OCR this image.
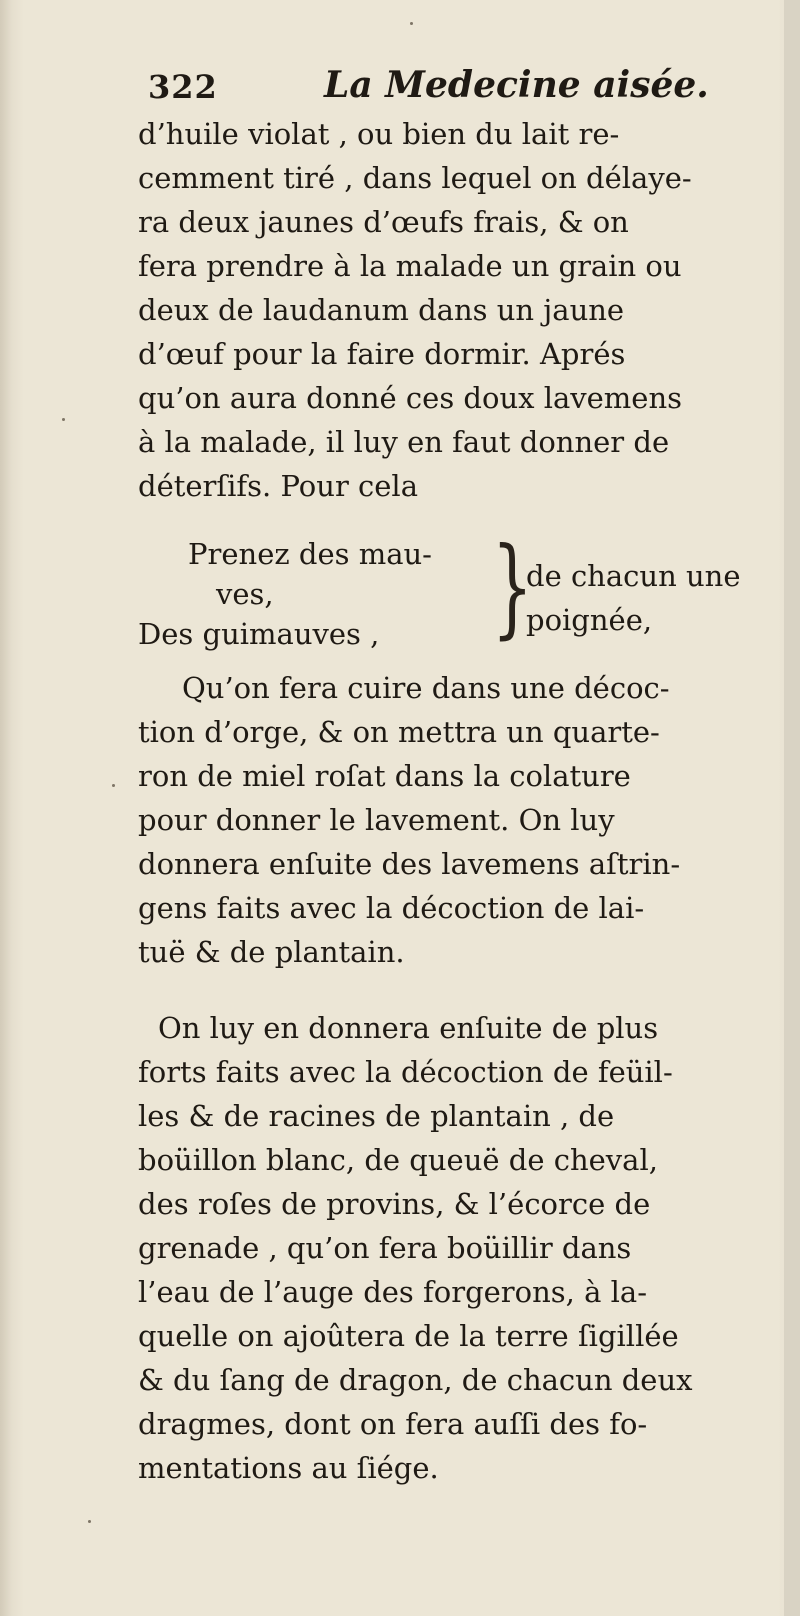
322	La Medecine aisée.
d’huile violat , ou bien du lait re-
cemment tiré , dans lequel on délaye-
ra deux jaunes d’œufs frais, & on
fera prendre à la malade un grain ou
deux de laudanum dans un jaune
d’œuf pour la faire dormir. Aprés
qu’on aura donné ces doux lavemens
à la malade, il luy en faut donner de
déterſifs. Pour cela
Prenez des mau-
ves,
Des guimauves , }
de chacun une
poignée,
Qu’on fera cuire dans une décoc-
tion d’orge, & on mettra un quarte-
ron de miel roſat dans la colature
pour donner le lavement. On luy
donnera enſuite des lavemens aſtrin-
gens faits avec la décoction de lai-
tuë & de plantain.
On luy en donnera enſuite de plus
forts faits avec la décoction de feüil-
les & de racines de plantain , de
boüillon blanc, de queuë de cheval,
des roſes de provins, & l’écorce de
grenade , qu’on fera boüillir dans
l’eau de l’auge des forgerons, à la-
quelle on ajoûtera de la terre ſigillée
& du ſang de dragon, de chacun deux
dragmes, dont on fera auſſi des fo-
mentations au ſiége.
